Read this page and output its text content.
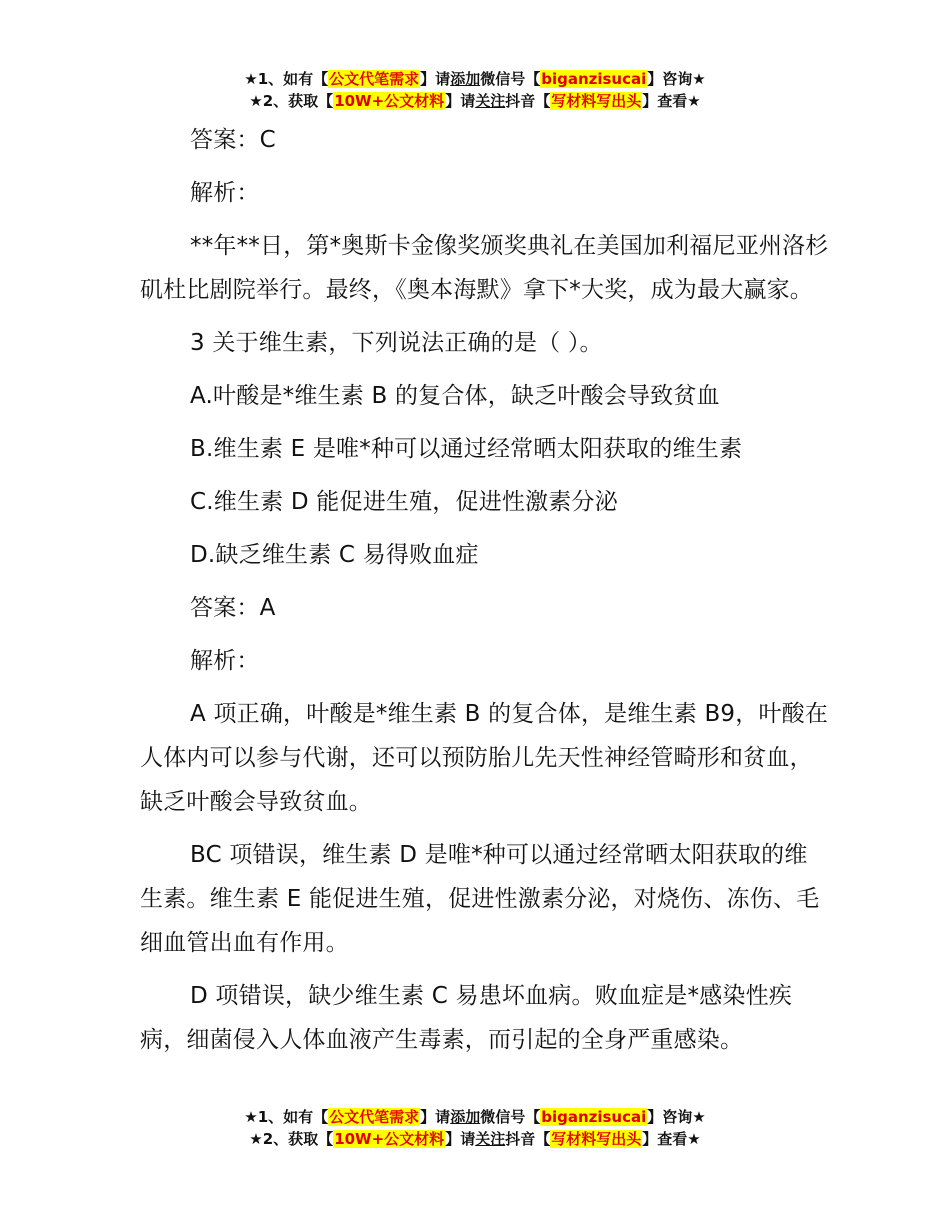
★1、如有【公文代笔需求】请添加微信号【biganzisucai】咨询★
★2、获取【10W+公文材料】请关注抖音【写材料写出头】查看★

答案：C

解析：

**年**日，第*奥斯卡金像奖颁奖典礼在美国加利福尼亚州洛杉矶杜比剧院举行。最终，《奥本海默》拿下*大奖，成为最大赢家。

3 关于维生素，下列说法正确的是（ ）。

A.叶酸是*维生素 B 的复合体，缺乏叶酸会导致贫血

B.维生素 E 是唯*种可以通过经常晒太阳获取的维生素

C.维生素 D 能促进生殖，促进性激素分泌

D.缺乏维生素 C 易得败血症

答案：A

解析：

A 项正确，叶酸是*维生素 B 的复合体，是维生素 B9，叶酸在人体内可以参与代谢，还可以预防胎儿先天性神经管畸形和贫血，缺乏叶酸会导致贫血。

BC 项错误，维生素 D 是唯*种可以通过经常晒太阳获取的维生素。维生素 E 能促进生殖，促进性激素分泌，对烧伤、冻伤、毛细血管出血有作用。

D 项错误，缺少维生素 C 易患坏血病。败血症是*感染性疾病，细菌侵入人体血液产生毒素，而引起的全身严重感染。

★1、如有【公文代笔需求】请添加微信号【biganzisucai】咨询★
★2、获取【10W+公文材料】请关注抖音【写材料写出头】查看★
